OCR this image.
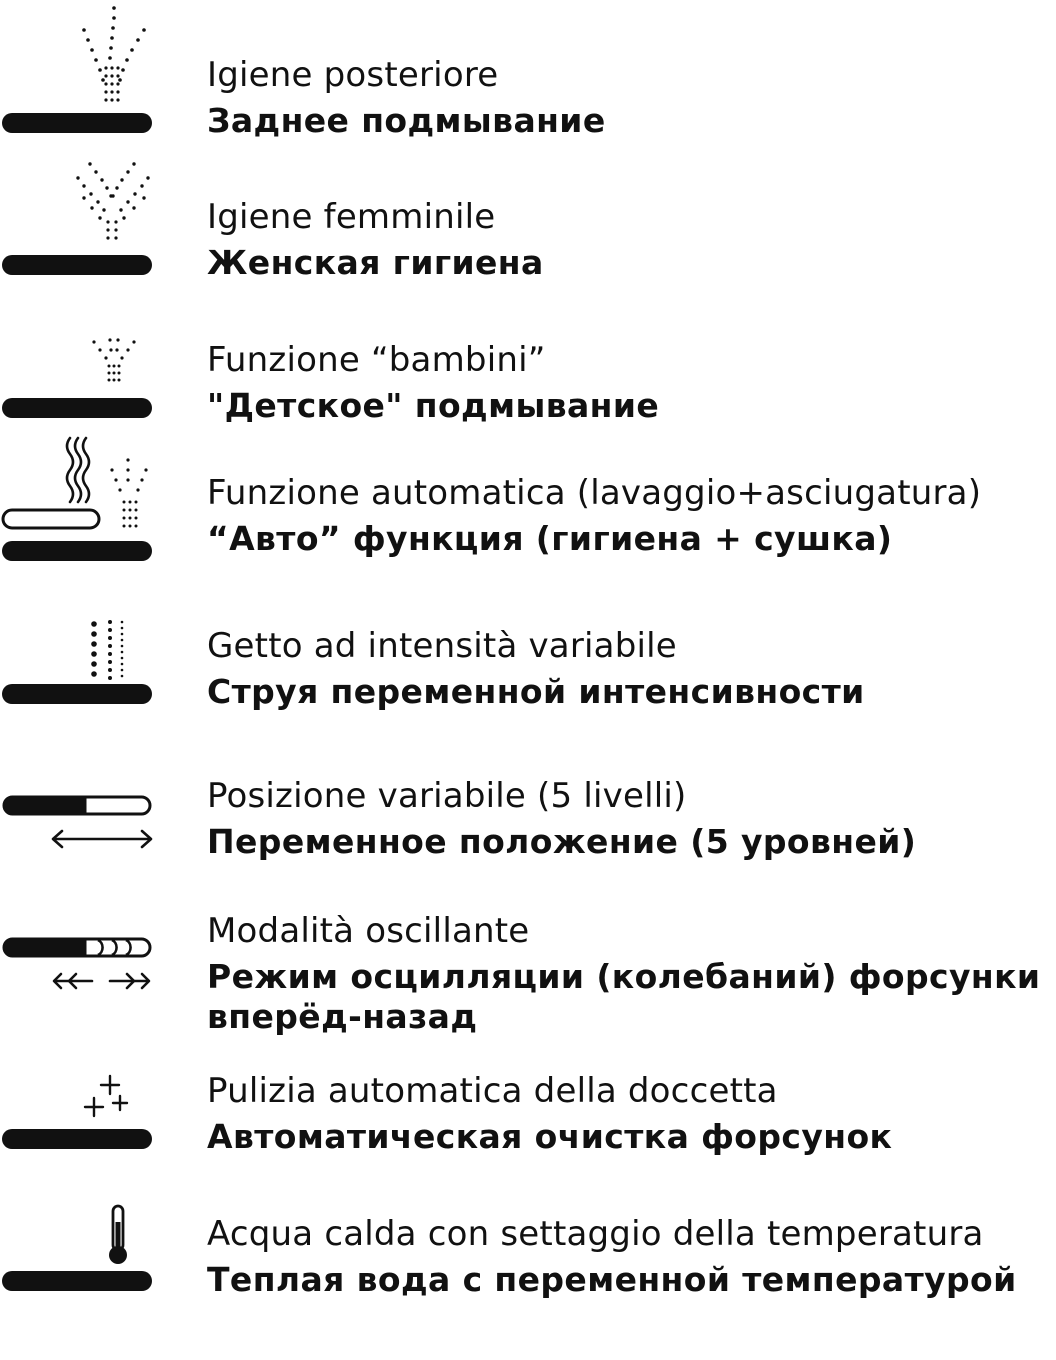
Igiene posteriore
Заднее подмывание
Igiene femminile
Женская гигиена
Funzione “bambini”
"Детское" подмывание
Funzione automatica (lavaggio+asciugatura)
“Авто” функция (гигиена + сушка)
Getto ad intensità variabile
Струя переменной интенсивности
Posizione variabile (5 livelli)
Переменное положение (5 уровней)
Modalità oscillante
Режим осцилляции (колебаний) форсунки вперёд-назад
Pulizia automatica della doccetta
Автоматическая очистка форсунок
Acqua calda con settaggio della temperatura
Теплая вода с переменной температурой
